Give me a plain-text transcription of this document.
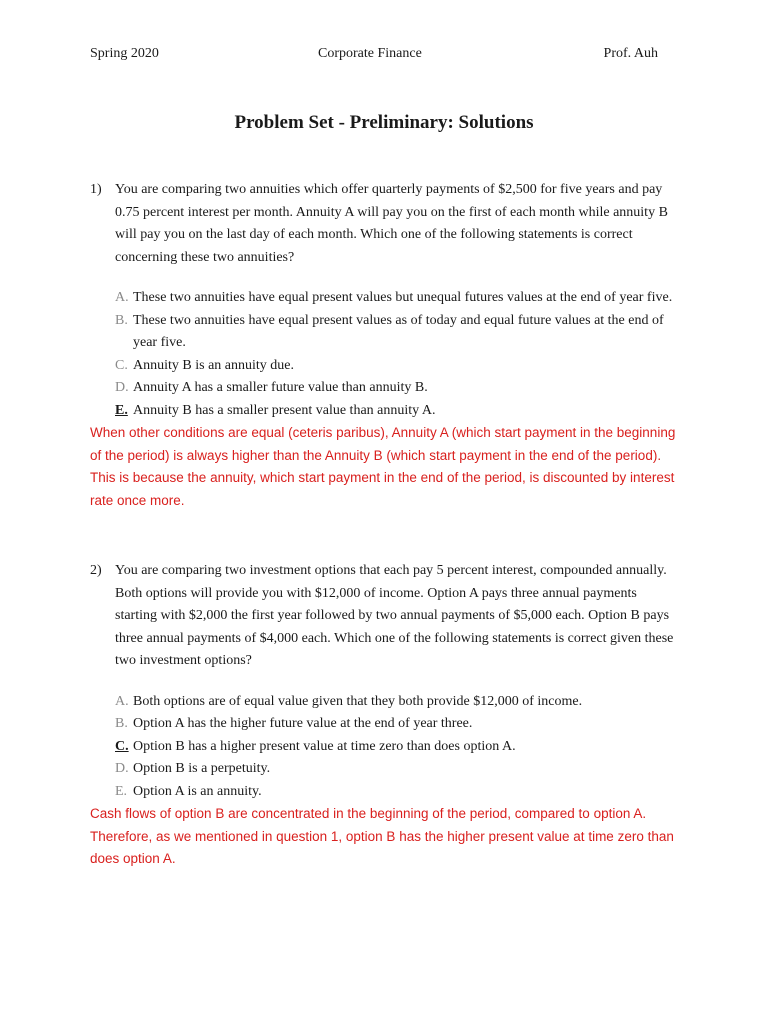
Spring 2020	Corporate Finance	Prof. Auh
Problem Set - Preliminary: Solutions
1) You are comparing two annuities which offer quarterly payments of $2,500 for five years and pay 0.75 percent interest per month. Annuity A will pay you on the first of each month while annuity B will pay you on the last day of each month. Which one of the following statements is correct concerning these two annuities?
A. These two annuities have equal present values but unequal futures values at the end of year five.
B. These two annuities have equal present values as of today and equal future values at the end of year five.
C. Annuity B is an annuity due.
D. Annuity A has a smaller future value than annuity B.
E. Annuity B has a smaller present value than annuity A.
When other conditions are equal (ceteris paribus), Annuity A (which start payment in the beginning of the period) is always higher than the Annuity B (which start payment in the end of the period). This is because the annuity, which start payment in the end of the period, is discounted by interest rate once more.
2) You are comparing two investment options that each pay 5 percent interest, compounded annually. Both options will provide you with $12,000 of income. Option A pays three annual payments starting with $2,000 the first year followed by two annual payments of $5,000 each. Option B pays three annual payments of $4,000 each. Which one of the following statements is correct given these two investment options?
A. Both options are of equal value given that they both provide $12,000 of income.
B. Option A has the higher future value at the end of year three.
C. Option B has a higher present value at time zero than does option A.
D. Option B is a perpetuity.
E. Option A is an annuity.
Cash flows of option B are concentrated in the beginning of the period, compared to option A. Therefore, as we mentioned in question 1, option B has the higher present value at time zero than does option A.
